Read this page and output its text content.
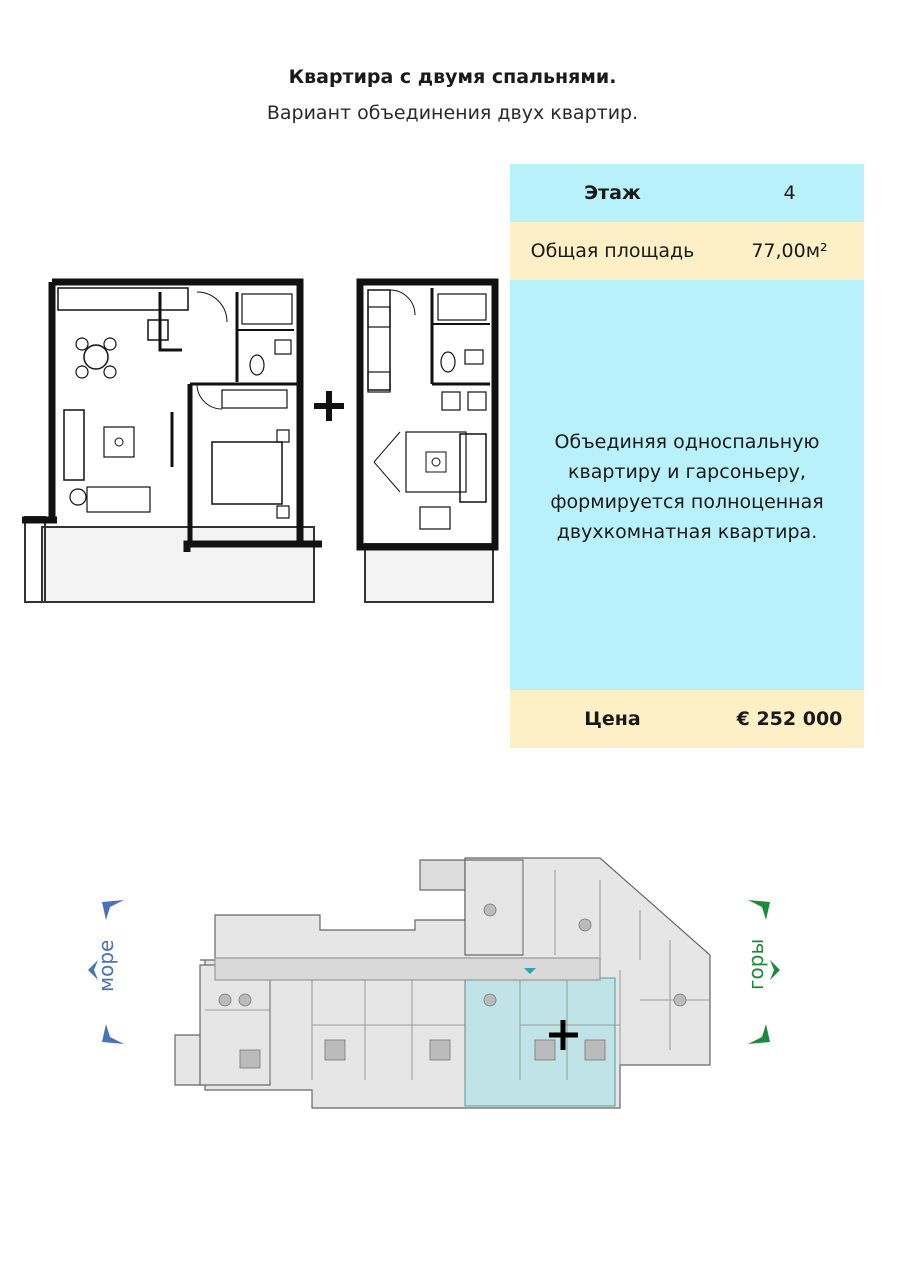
Квартира с двумя спальнями.
Вариант объединения двух квартир.
Этаж	4
Общая площадь	77,00м²
Объединяя односпальную квартиру и гарсоньеру, формируется полноценная двухкомнатная квартира.
Цена	€ 252 000
море	горы
